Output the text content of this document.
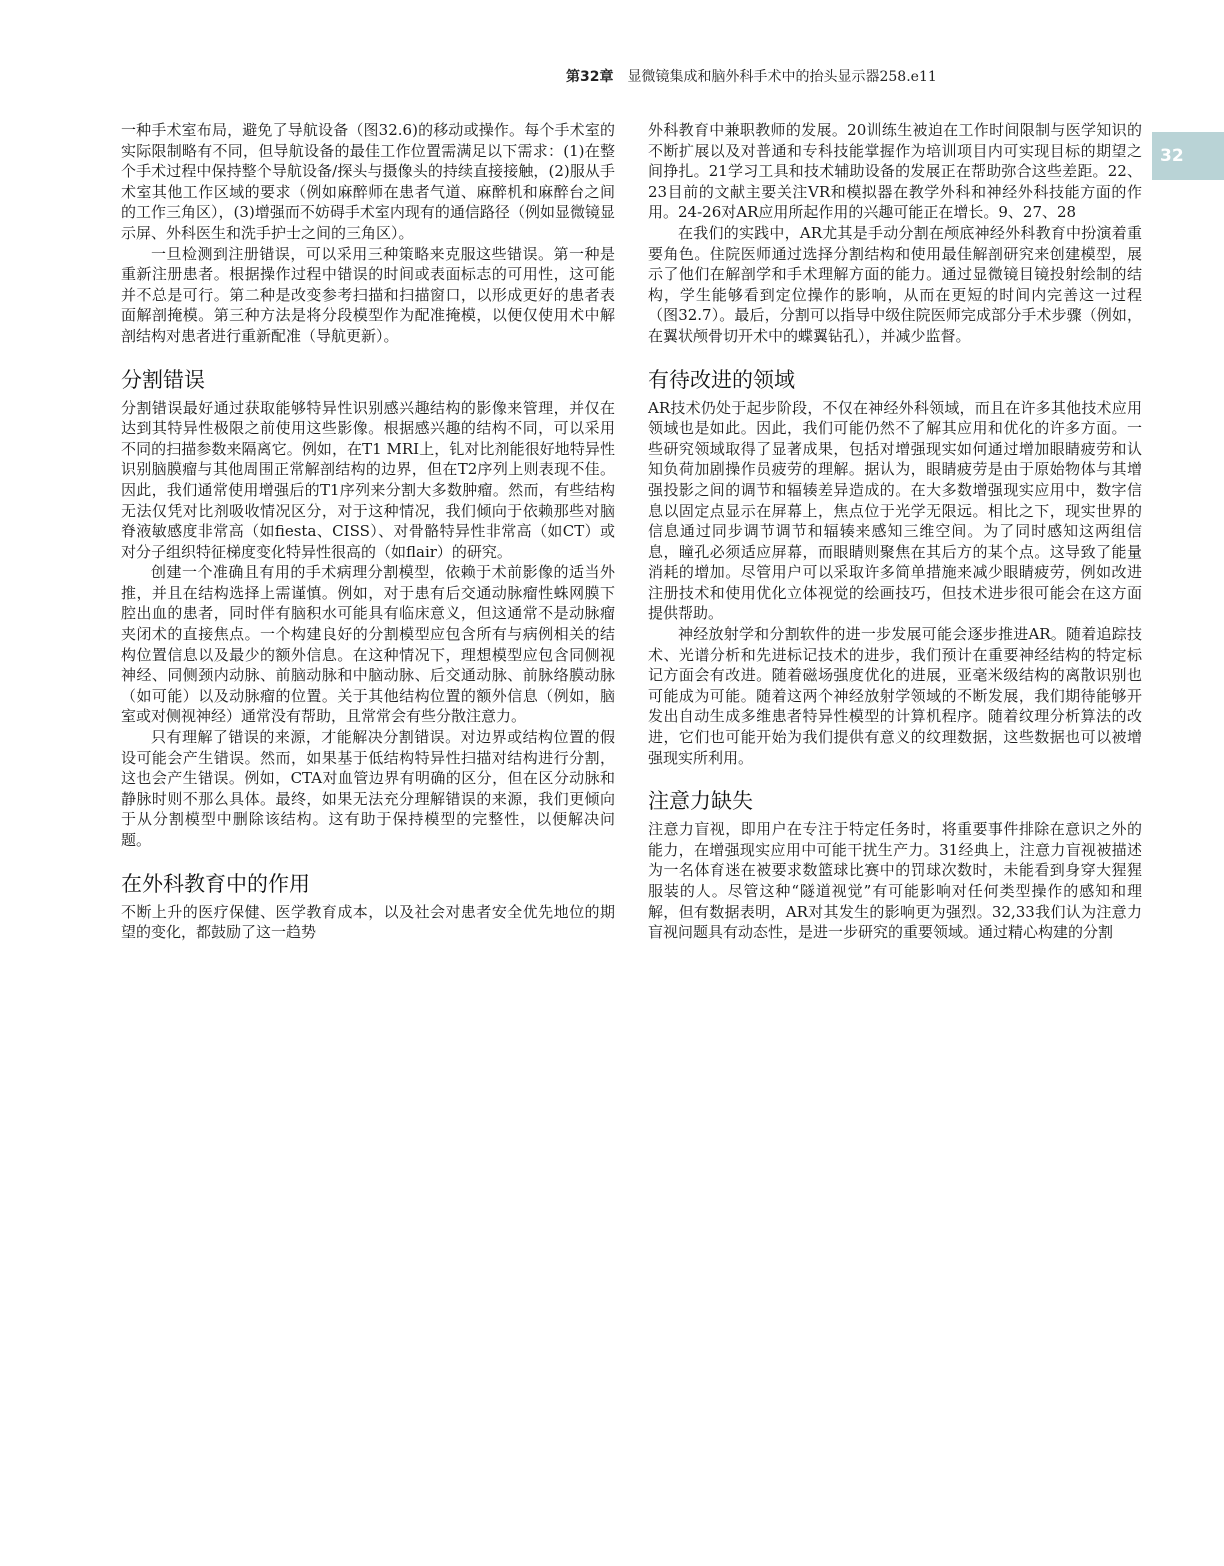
第32章 显微镜集成和脑外科手术中的抬头显示器258.e11
32

一种手术室布局，避免了导航设备（图32.6)的移动或操作。每个手术室的实际限制略有不同，但导航设备的最佳工作位置需满足以下需求：(1)在整个手术过程中保持整个导航设备/探头与摄像头的持续直接接触，(2)服从手术室其他工作区域的要求（例如麻醉师在患者气道、麻醉机和麻醉台之间的工作三角区），(3)增强而不妨碍手术室内现有的通信路径（例如显微镜显示屏、外科医生和洗手护士之间的三角区）。

一旦检测到注册错误，可以采用三种策略来克服这些错误。第一种是重新注册患者。根据操作过程中错误的时间或表面标志的可用性，这可能并不总是可行。第二种是改变参考扫描和扫描窗口，以形成更好的患者表面解剖掩模。第三种方法是将分段模型作为配准掩模，以便仅使用术中解剖结构对患者进行重新配准（导航更新）。

分割错误

分割错误最好通过获取能够特异性识别感兴趣结构的影像来管理，并仅在达到其特异性极限之前使用这些影像。根据感兴趣的结构不同，可以采用不同的扫描参数来隔离它。例如，在T1 MRI上，钆对比剂能很好地特异性识别脑膜瘤与其他周围正常解剖结构的边界，但在T2序列上则表现不佳。因此，我们通常使用增强后的T1序列来分割大多数肿瘤。然而，有些结构无法仅凭对比剂吸收情况区分，对于这种情况，我们倾向于依赖那些对脑脊液敏感度非常高（如fiesta、CISS）、对骨骼特异性非常高（如CT）或对分子组织特征梯度变化特异性很高的（如flair）的研究。

创建一个准确且有用的手术病理分割模型，依赖于术前影像的适当外推，并且在结构选择上需谨慎。例如，对于患有后交通动脉瘤性蛛网膜下腔出血的患者，同时伴有脑积水可能具有临床意义，但这通常不是动脉瘤夹闭术的直接焦点。一个构建良好的分割模型应包含所有与病例相关的结构位置信息以及最少的额外信息。在这种情况下，理想模型应包含同侧视神经、同侧颈内动脉、前脑动脉和中脑动脉、后交通动脉、前脉络膜动脉（如可能）以及动脉瘤的位置。关于其他结构位置的额外信息（例如，脑室或对侧视神经）通常没有帮助，且常常会有些分散注意力。

只有理解了错误的来源，才能解决分割错误。对边界或结构位置的假设可能会产生错误。然而，如果基于低结构特异性扫描对结构进行分割，这也会产生错误。例如，CTA对血管边界有明确的区分，但在区分动脉和静脉时则不那么具体。最终，如果无法充分理解错误的来源，我们更倾向于从分割模型中删除该结构。这有助于保持模型的完整性，以便解决问题。

在外科教育中的作用

不断上升的医疗保健、医学教育成本，以及社会对患者安全优先地位的期望的变化，都鼓励了这一趋势

外科教育中兼职教师的发展。20训练生被迫在工作时间限制与医学知识的不断扩展以及对普通和专科技能掌握作为培训项目内可实现目标的期望之间挣扎。21学习工具和技术辅助设备的发展正在帮助弥合这些差距。22、23目前的文献主要关注VR和模拟器在教学外科和神经外科技能方面的作用。24-26对AR应用所起作用的兴趣可能正在增长。9、27、28

在我们的实践中，AR尤其是手动分割在颅底神经外科教育中扮演着重要角色。住院医师通过选择分割结构和使用最佳解剖研究来创建模型，展示了他们在解剖学和手术理解方面的能力。通过显微镜目镜投射绘制的结构，学生能够看到定位操作的影响，从而在更短的时间内完善这一过程（图32.7）。最后，分割可以指导中级住院医师完成部分手术步骤（例如，在翼状颅骨切开术中的蝶翼钻孔），并减少监督。

有待改进的领域

AR技术仍处于起步阶段，不仅在神经外科领域，而且在许多其他技术应用领域也是如此。因此，我们可能仍然不了解其应用和优化的许多方面。一些研究领域取得了显著成果，包括对增强现实如何通过增加眼睛疲劳和认知负荷加剧操作员疲劳的理解。据认为，眼睛疲劳是由于原始物体与其增强投影之间的调节和辐辏差异造成的。在大多数增强现实应用中，数字信息以固定点显示在屏幕上，焦点位于光学无限远。相比之下，现实世界的信息通过同步调节调节和辐辏来感知三维空间。为了同时感知这两组信息，瞳孔必须适应屏幕，而眼睛则聚焦在其后方的某个点。这导致了能量消耗的增加。尽管用户可以采取许多简单措施来减少眼睛疲劳，例如改进注册技术和使用优化立体视觉的绘画技巧，但技术进步很可能会在这方面提供帮助。

神经放射学和分割软件的进一步发展可能会逐步推进AR。随着追踪技术、光谱分析和先进标记技术的进步，我们预计在重要神经结构的特定标记方面会有改进。随着磁场强度优化的进展，亚毫米级结构的离散识别也可能成为可能。随着这两个神经放射学领域的不断发展，我们期待能够开发出自动生成多维患者特异性模型的计算机程序。随着纹理分析算法的改进，它们也可能开始为我们提供有意义的纹理数据，这些数据也可以被增强现实所利用。

注意力缺失

注意力盲视，即用户在专注于特定任务时，将重要事件排除在意识之外的能力，在增强现实应用中可能干扰生产力。31经典上，注意力盲视被描述为一名体育迷在被要求数篮球比赛中的罚球次数时，未能看到身穿大猩猩服装的人。尽管这种“隧道视觉”有可能影响对任何类型操作的感知和理解，但有数据表明，AR对其发生的影响更为强烈。32,33我们认为注意力盲视问题具有动态性，是进一步研究的重要领域。通过精心构建的分割
